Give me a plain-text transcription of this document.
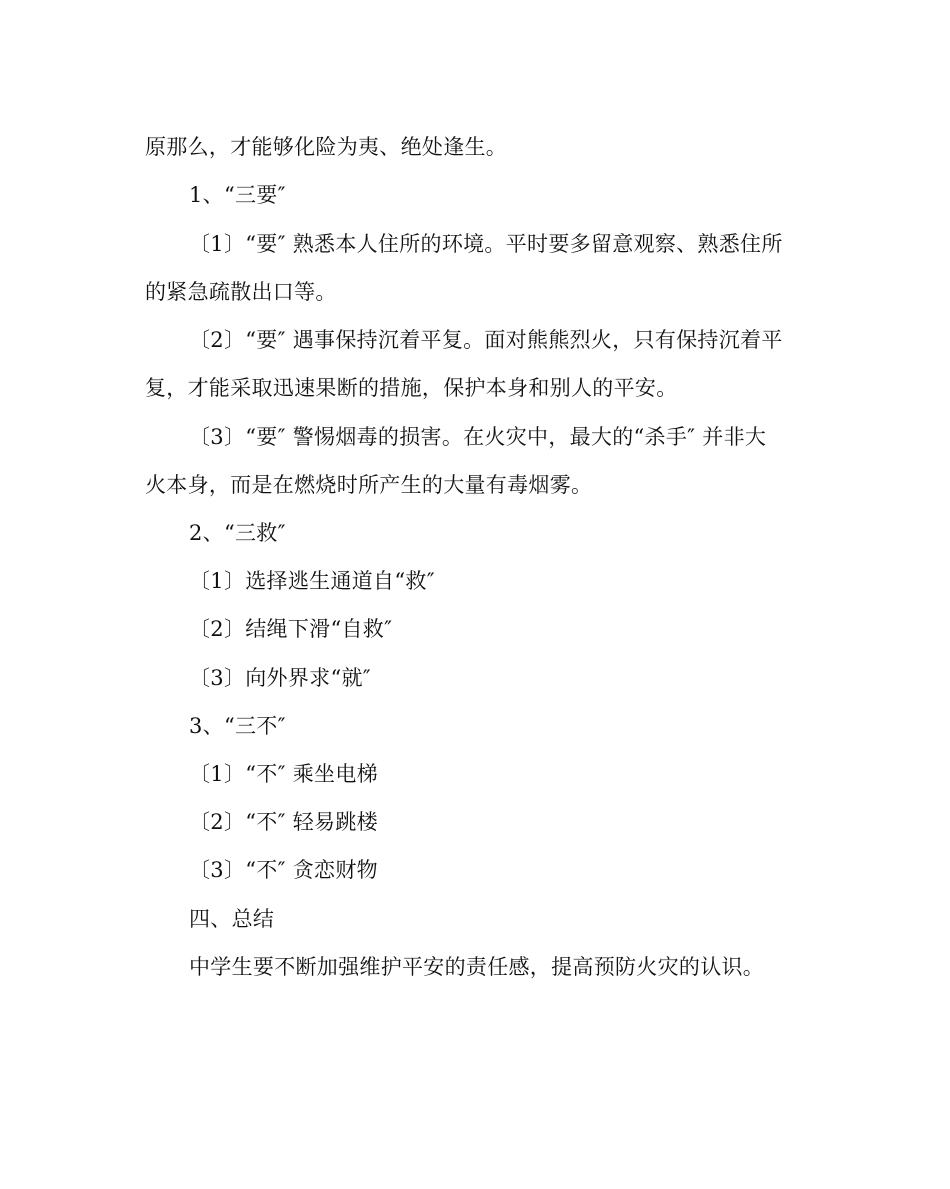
原那么，才能够化险为夷、绝处逢生。
1、“三要″
〔1〕“要″ 熟悉本人住所的环境。平时要多留意观察、熟悉住所
的紧急疏散出口等。
〔2〕“要″ 遇事保持沉着平复。面对熊熊烈火，只有保持沉着平
复，才能采取迅速果断的措施，保护本身和别人的平安。
〔3〕“要″ 警惕烟毒的损害。在火灾中，最大的“杀手″ 并非大
火本身，而是在燃烧时所产生的大量有毒烟雾。
2、“三救″
〔1〕选择逃生通道自“救″
〔2〕结绳下滑“自救″
〔3〕向外界求“就″
3、“三不″
〔1〕“不″ 乘坐电梯
〔2〕“不″ 轻易跳楼
〔3〕“不″ 贪恋财物
四、总结
中学生要不断加强维护平安的责任感，提高预防火灾的认识。
